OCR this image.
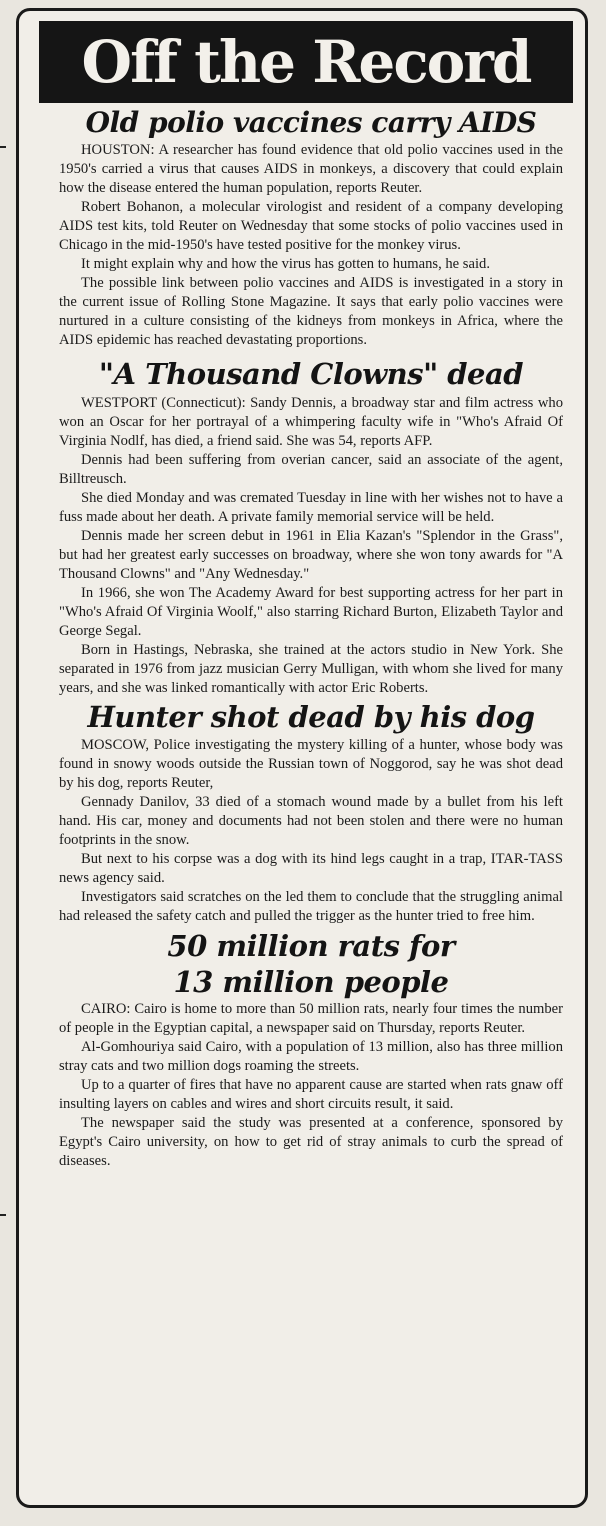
Off the Record
Old polio vaccines carry AIDS

HOUSTON: A researcher has found evidence that old polio vaccines used in the 1950's carried a virus that causes AIDS in monkeys, a discovery that could explain how the disease entered the human population, reports Reuter.

Robert Bohanon, a molecular virologist and resident of a company developing AIDS test kits, told Reuter on Wednesday that some stocks of polio vaccines used in Chicago in the mid-1950's have tested positive for the monkey virus.

It might explain why and how the virus has gotten to humans, he said.

The possible link between polio vaccines and AIDS is investigated in a story in the current issue of Rolling Stone Magazine. It says that early polio vaccines were nurtured in a culture consisting of the kidneys from monkeys in Africa, where the AIDS epidemic has reached devastating proportions.

"A Thousand Clowns" dead

WESTPORT (Connecticut): Sandy Dennis, a broadway star and film actress who won an Oscar for her portrayal of a whimpering faculty wife in "Who's Afraid Of Virginia Nodlf, has died, a friend said. She was 54, reports AFP.

Dennis had been suffering from overian cancer, said an associate of the agent, Billtreusch.

She died Monday and was cremated Tuesday in line with her wishes not to have a fuss made about her death. A private family memorial service will be held.

Dennis made her screen debut in 1961 in Elia Kazan's "Splendor in the Grass", but had her greatest early successes on broadway, where she won tony awards for "A Thousand Clowns" and "Any Wednesday."

In 1966, she won The Academy Award for best supporting actress for her part in "Who's Afraid Of Virginia Woolf," also starring Richard Burton, Elizabeth Taylor and George Segal.

Born in Hastings, Nebraska, she trained at the actors studio in New York. She separated in 1976 from jazz musician Gerry Mulligan, with whom she lived for many years, and she was linked romantically with actor Eric Roberts.

Hunter shot dead by his dog

MOSCOW, Police investigating the mystery killing of a hunter, whose body was found in snowy woods outside the Russian town of Noggorod, say he was shot dead by his dog, reports Reuter,

Gennady Danilov, 33 died of a stomach wound made by a bullet from his left hand. His car, money and documents had not been stolen and there were no human footprints in the snow.

But next to his corpse was a dog with its hind legs caught in a trap, ITAR-TASS news agency said.

Investigators said scratches on the led them to conclude that the struggling animal had released the safety catch and pulled the trigger as the hunter tried to free him.

50 million rats for
13 million people

CAIRO: Cairo is home to more than 50 million rats, nearly four times the number of people in the Egyptian capital, a newspaper said on Thursday, reports Reuter.

Al-Gomhouriya said Cairo, with a population of 13 million, also has three million stray cats and two million dogs roaming the streets.

Up to a quarter of fires that have no apparent cause are started when rats gnaw off insulting layers on cables and wires and short circuits result, it said.

The newspaper said the study was presented at a conference, sponsored by Egypt's Cairo university, on how to get rid of stray animals to curb the spread of diseases.
